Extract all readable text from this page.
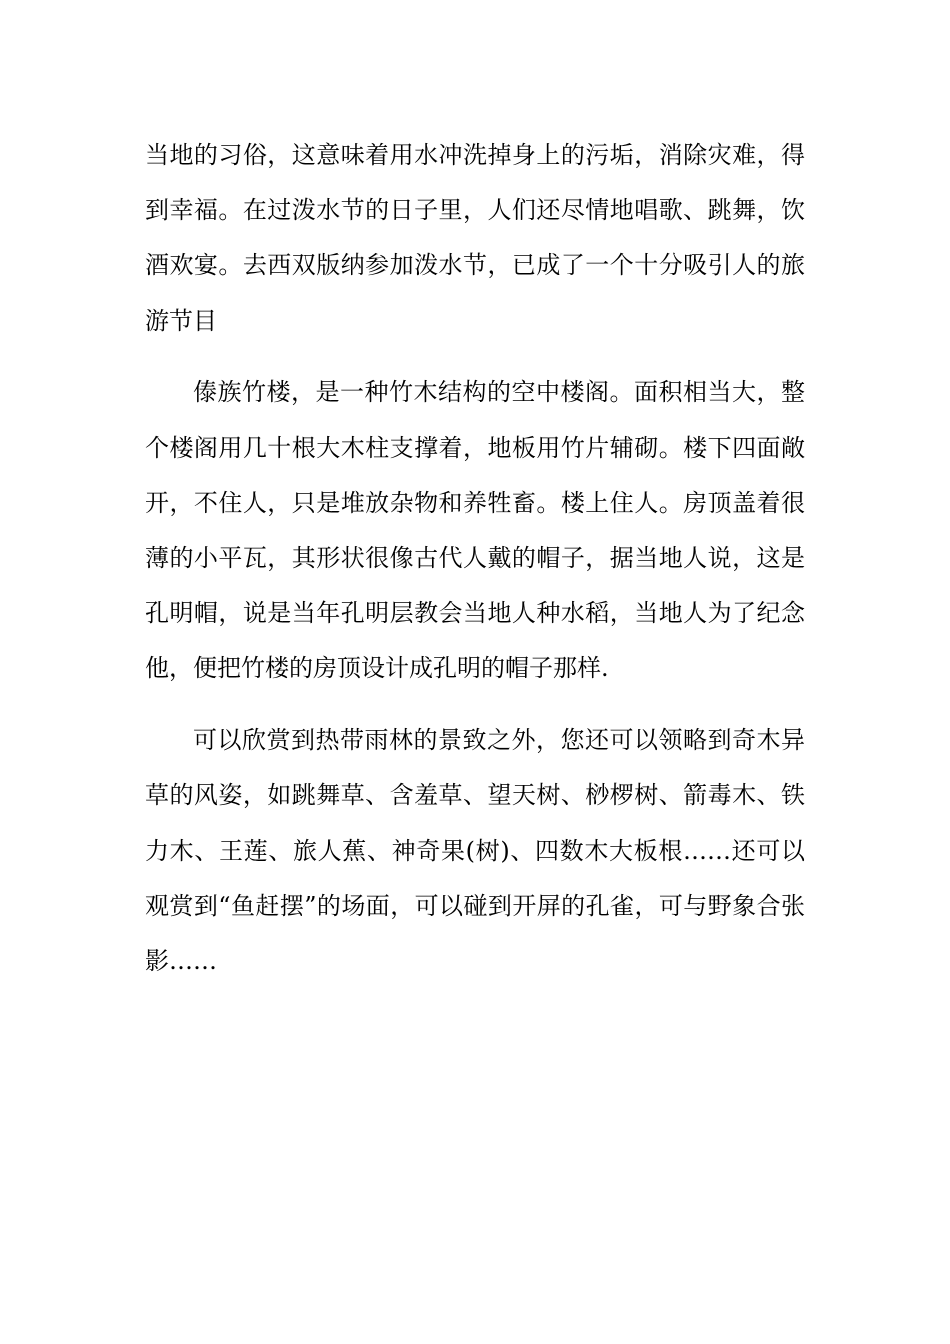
当地的习俗，这意味着用水冲洗掉身上的污垢，消除灾难，得到幸福。在过泼水节的日子里，人们还尽情地唱歌、跳舞，饮酒欢宴。去西双版纳参加泼水节，已成了一个十分吸引人的旅游节目

傣族竹楼，是一种竹木结构的空中楼阁。面积相当大，整个楼阁用几十根大木柱支撑着，地板用竹片辅砌。楼下四面敞开，不住人，只是堆放杂物和养牲畜。楼上住人。房顶盖着很薄的小平瓦，其形状很像古代人戴的帽子，据当地人说，这是孔明帽，说是当年孔明层教会当地人种水稻，当地人为了纪念他，便把竹楼的房顶设计成孔明的帽子那样.

可以欣赏到热带雨林的景致之外，您还可以领略到奇木异草的风姿，如跳舞草、含羞草、望天树、桫椤树、箭毒木、铁力木、王莲、旅人蕉、神奇果(树)、四数木大板根……还可以观赏到“鱼赶摆”的场面，可以碰到开屏的孔雀，可与野象合张影……
